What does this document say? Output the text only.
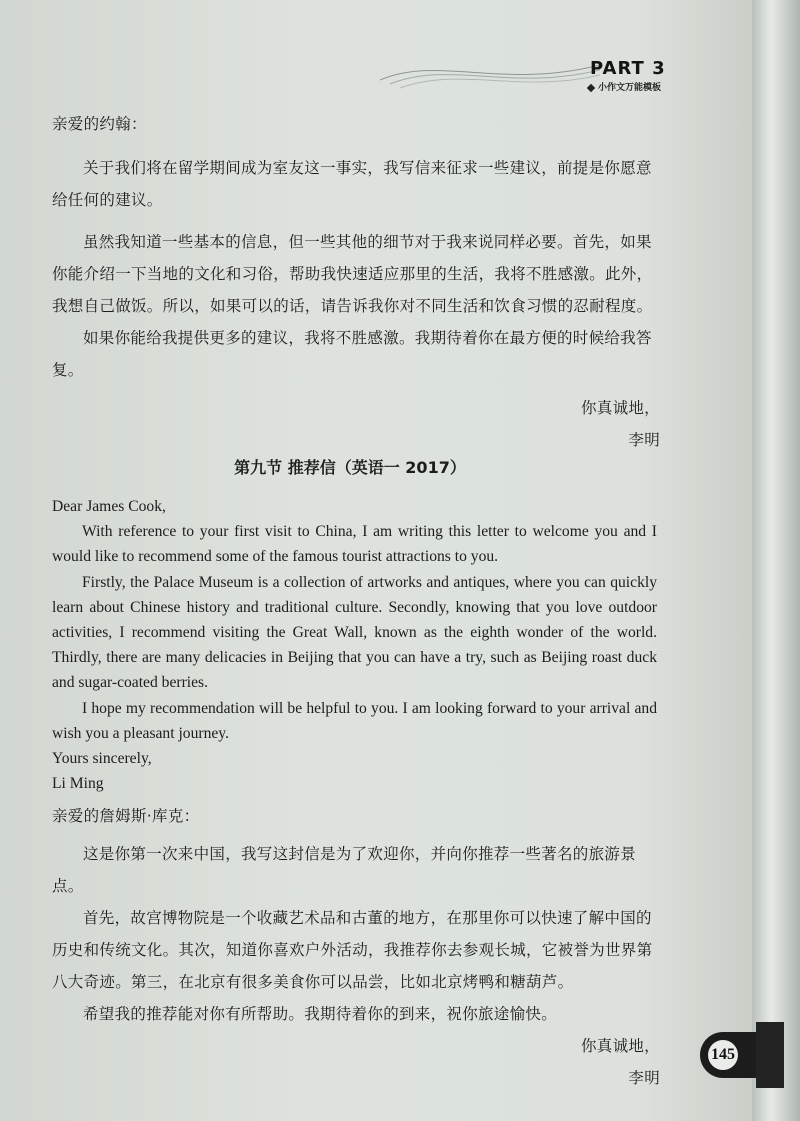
PART 3
小作文万能模板

亲爱的约翰：

关于我们将在留学期间成为室友这一事实，我写信来征求一些建议，前提是你愿意给任何的建议。

虽然我知道一些基本的信息，但一些其他的细节对于我来说同样必要。首先，如果你能介绍一下当地的文化和习俗，帮助我快速适应那里的生活，我将不胜感激。此外，我想自己做饭。所以，如果可以的话，请告诉我你对不同生活和饮食习惯的忍耐程度。

如果你能给我提供更多的建议，我将不胜感激。我期待着你在最方便的时候给我答复。

你真诚地，

李明

第九节 推荐信（英语一 2017）

Dear James Cook,

With reference to your first visit to China, I am writing this letter to welcome you and I would like to recommend some of the famous tourist attractions to you.

Firstly, the Palace Museum is a collection of artworks and antiques, where you can quickly learn about Chinese history and traditional culture. Secondly, knowing that you love outdoor activities, I recommend visiting the Great Wall, known as the eighth wonder of the world. Thirdly, there are many delicacies in Beijing that you can have a try, such as Beijing roast duck and sugar-coated berries.

I hope my recommendation will be helpful to you. I am looking forward to your arrival and wish you a pleasant journey.

Yours sincerely,

Li Ming

亲爱的詹姆斯·库克：

这是你第一次来中国，我写这封信是为了欢迎你，并向你推荐一些著名的旅游景点。

首先，故宫博物院是一个收藏艺术品和古董的地方，在那里你可以快速了解中国的历史和传统文化。其次，知道你喜欢户外活动，我推荐你去参观长城，它被誉为世界第八大奇迹。第三，在北京有很多美食你可以品尝，比如北京烤鸭和糖葫芦。

希望我的推荐能对你有所帮助。我期待着你的到来，祝你旅途愉快。

你真诚地，

李明

145
